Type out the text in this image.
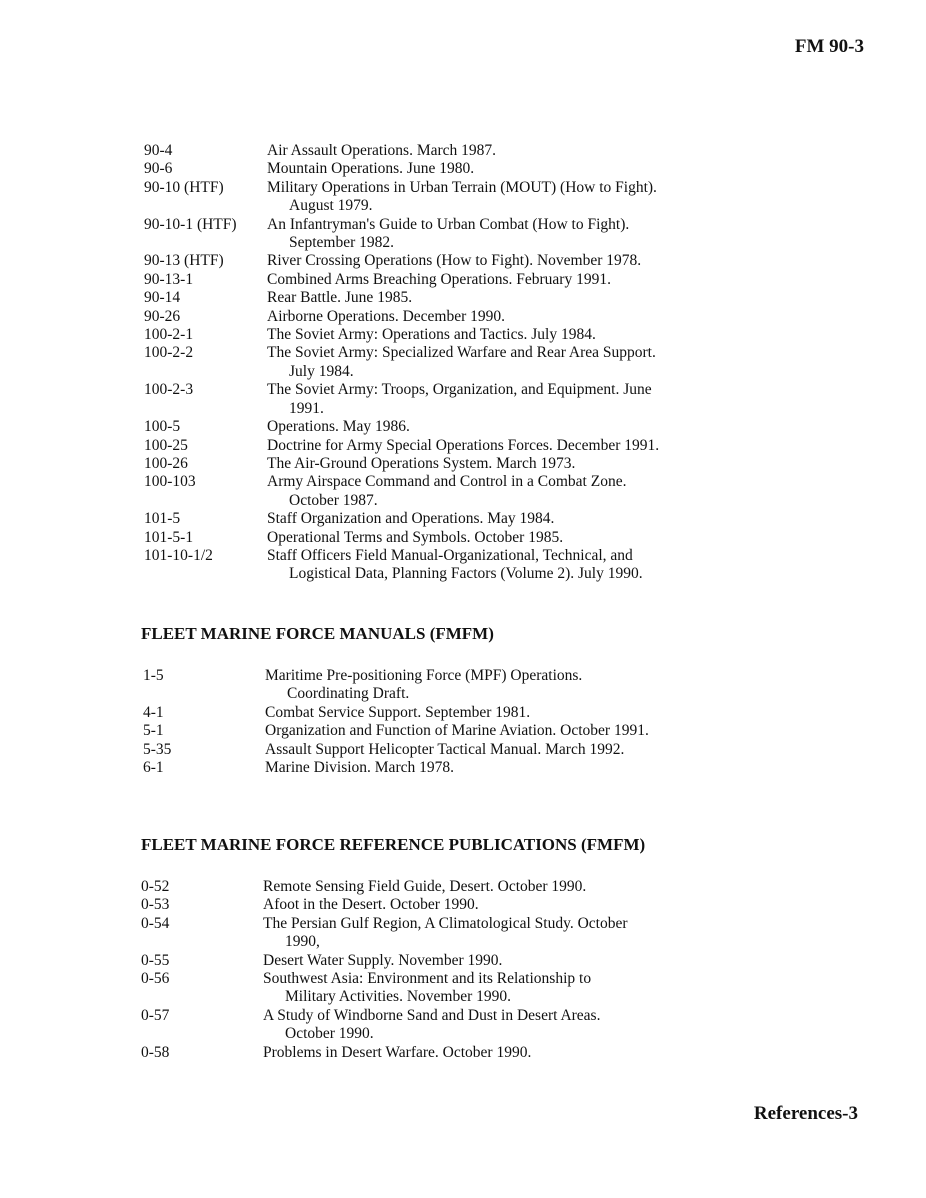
FM 90-3
90-4	Air Assault Operations. March 1987.
90-6	Mountain Operations. June 1980.
90-10 (HTF)	Military Operations in Urban Terrain (MOUT) (How to Fight). August 1979.
90-10-1 (HTF) An Infantryman's Guide to Urban Combat (How to Fight). September 1982.
90-13 (HTF)	River Crossing Operations (How to Fight). November 1978.
90-13-1	Combined Arms Breaching Operations. February 1991.
90-14	Rear Battle. June 1985.
90-26	Airborne Operations. December 1990.
100-2-1	The Soviet Army: Operations and Tactics. July 1984.
100-2-2	The Soviet Army: Specialized Warfare and Rear Area Support. July 1984.
100-2-3	The Soviet Army: Troops, Organization, and Equipment. June 1991.
100-5	Operations. May 1986.
100-25	Doctrine for Army Special Operations Forces. December 1991.
100-26	The Air-Ground Operations System. March 1973.
100-103	Army Airspace Command and Control in a Combat Zone. October 1987.
101-5	Staff Organization and Operations. May 1984.
101-5-1	Operational Terms and Symbols. October 1985.
101-10-1/2	Staff Officers Field Manual-Organizational, Technical, and Logistical Data, Planning Factors (Volume 2). July 1990.
FLEET MARINE FORCE MANUALS (FMFM)
1-5	Maritime Pre-positioning Force (MPF) Operations. Coordinating Draft.
4-1	Combat Service Support. September 1981.
5-1	Organization and Function of Marine Aviation. October 1991.
5-35	Assault Support Helicopter Tactical Manual. March 1992.
6-1	Marine Division. March 1978.
FLEET MARINE FORCE REFERENCE PUBLICATIONS (FMFM)
0-52	Remote Sensing Field Guide, Desert. October 1990.
0-53	Afoot in the Desert. October 1990.
0-54	The Persian Gulf Region, A Climatological Study. October 1990,
0-55	Desert Water Supply. November 1990.
0-56	Southwest Asia: Environment and its Relationship to Military Activities. November 1990.
0-57	A Study of Windborne Sand and Dust in Desert Areas. October 1990.
0-58	Problems in Desert Warfare. October 1990.
References-3
